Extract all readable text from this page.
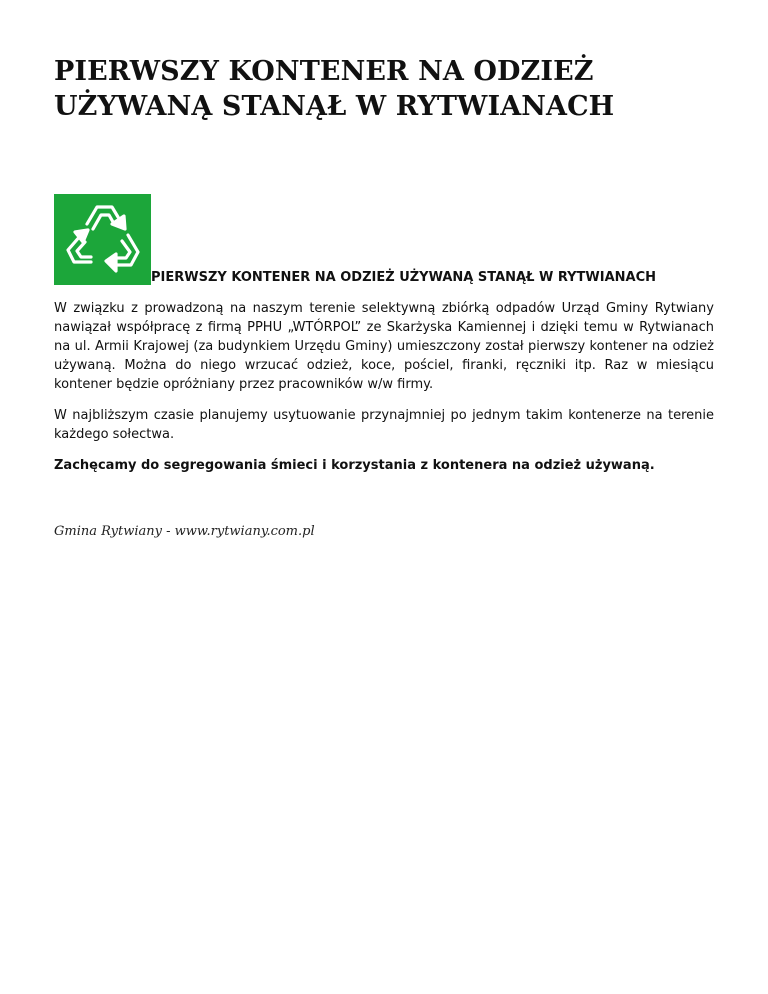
PIERWSZY KONTENER NA ODZIEŻ UŻYWANĄ STANĄŁ W RYTWIANACH
PIERWSZY KONTENER NA ODZIEŻ UŻYWANĄ STANĄŁ W RYTWIANACH

W związku z prowadzoną na naszym terenie selektywną zbiórką odpadów Urząd Gminy Rytwiany nawiązał współpracę z firmą PPHU „WTÓRPOL” ze Skarżyska Kamiennej i dzięki temu w Rytwianach na ul. Armii Krajowej (za budynkiem Urzędu Gminy) umieszczony został pierwszy kontener na odzież używaną. Można do niego wrzucać odzież, koce, pościel, firanki, ręczniki itp. Raz w miesiącu kontener będzie opróżniany przez pracowników w/w firmy.

W najbliższym czasie planujemy usytuowanie przynajmniej po jednym takim kontenerze na terenie każdego sołectwa.

Zachęcamy do segregowania śmieci i korzystania z kontenera na odzież używaną.

Gmina Rytwiany - www.rytwiany.com.pl
